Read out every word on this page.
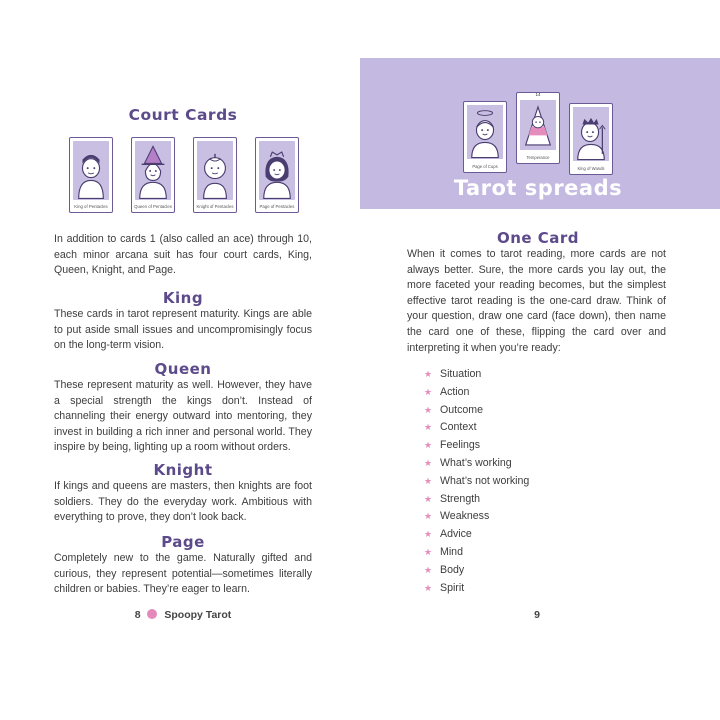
Court Cards
King of Pentacles	Queen of Pentacles	Knight of Pentacles	Page of Pentacles

In addition to cards 1 (also called an ace) through 10, each minor arcana suit has four court cards, King, Queen, Knight, and Page.

King

These cards in tarot represent maturity. Kings are able to put aside small issues and uncompromisingly focus on the long-term vision.

Queen

These represent maturity as well. However, they have a special strength the kings don’t. Instead of channeling their energy outward into mentoring, they invest in building a rich inner and personal world. They inspire by being, lighting up a room without orders.

Knight

If kings and queens are masters, then knights are foot soldiers. They do the everyday work. Ambitious with everything to prove, they don’t look back.

Page

Completely new to the game. Naturally gifted and curious, they represent potential—sometimes literally children or babies. They’re eager to learn.

8 Spoopy Tarot
Page of Cups
14
Temperance
King of Wands
Tarot spreads
One Card

When it comes to tarot reading, more cards are not always better. Sure, the more cards you lay out, the more faceted your reading becomes, but the simplest effective tarot reading is the one-card draw. Think of your question, draw one card (face down), then name the card one of these, flipping the card over and interpreting it when you’re ready:

★ Situation
★ Action
★ Outcome
★ Context
★ Feelings
★ What’s working
★ What’s not working
★ Strength
★ Weakness
★ Advice
★ Mind
★ Body
★ Spirit
9
